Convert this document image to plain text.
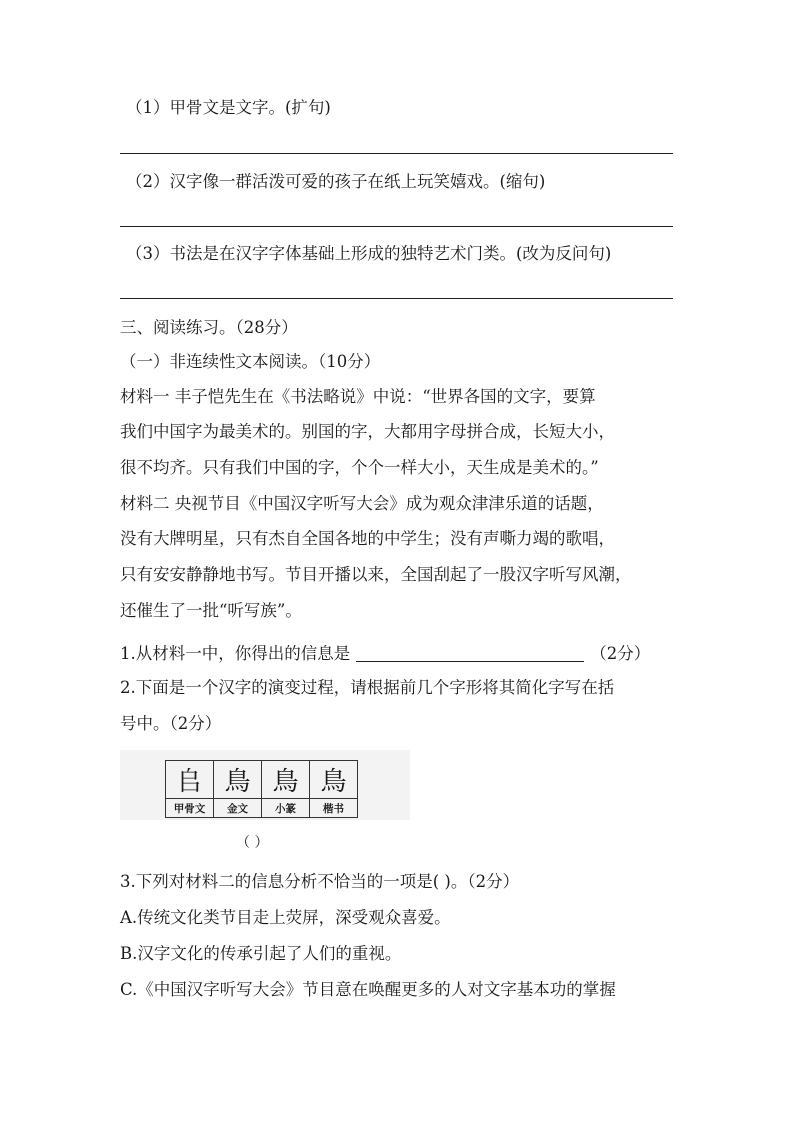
（1）甲骨文是文字。(扩句)
（2）汉字像一群活泼可爱的孩子在纸上玩笑嬉戏。(缩句)
（3）书法是在汉字字体基础上形成的独特艺术门类。(改为反问句)
三、阅读练习。（28分）
（一）非连续性文本阅读。（10分）
材料一 丰子恺先生在《书法略说》中说：“世界各国的文字，要算
我们中国字为最美术的。别国的字，大都用字母拼合成，长短大小，
很不均齐。只有我们中国的字，个个一样大小，天生成是美术的。”
材料二 央视节目《中国汉字听写大会》成为观众津津乐道的话题，
没有大牌明星，只有杰自全国各地的中学生；没有声嘶力竭的歌唱，
只有安安静静地书写。节目开播以来，全国刮起了一股汉字听写风潮，
还催生了一批“听写族”。
1.从材料一中，你得出的信息是	（2分）
2.下面是一个汉字的演变过程，请根据前几个字形将其简化字写在括
号中。（2分）
𠂤	鳥	鳥	鳥
甲骨文	金文	小篆	楷书
（ ）
3.下列对材料二的信息分析不恰当的一项是( )。（2分）
A.传统文化类节目走上荧屏，深受观众喜爱。
B.汉字文化的传承引起了人们的重视。
C.《中国汉字听写大会》节目意在唤醒更多的人对文字基本功的掌握
